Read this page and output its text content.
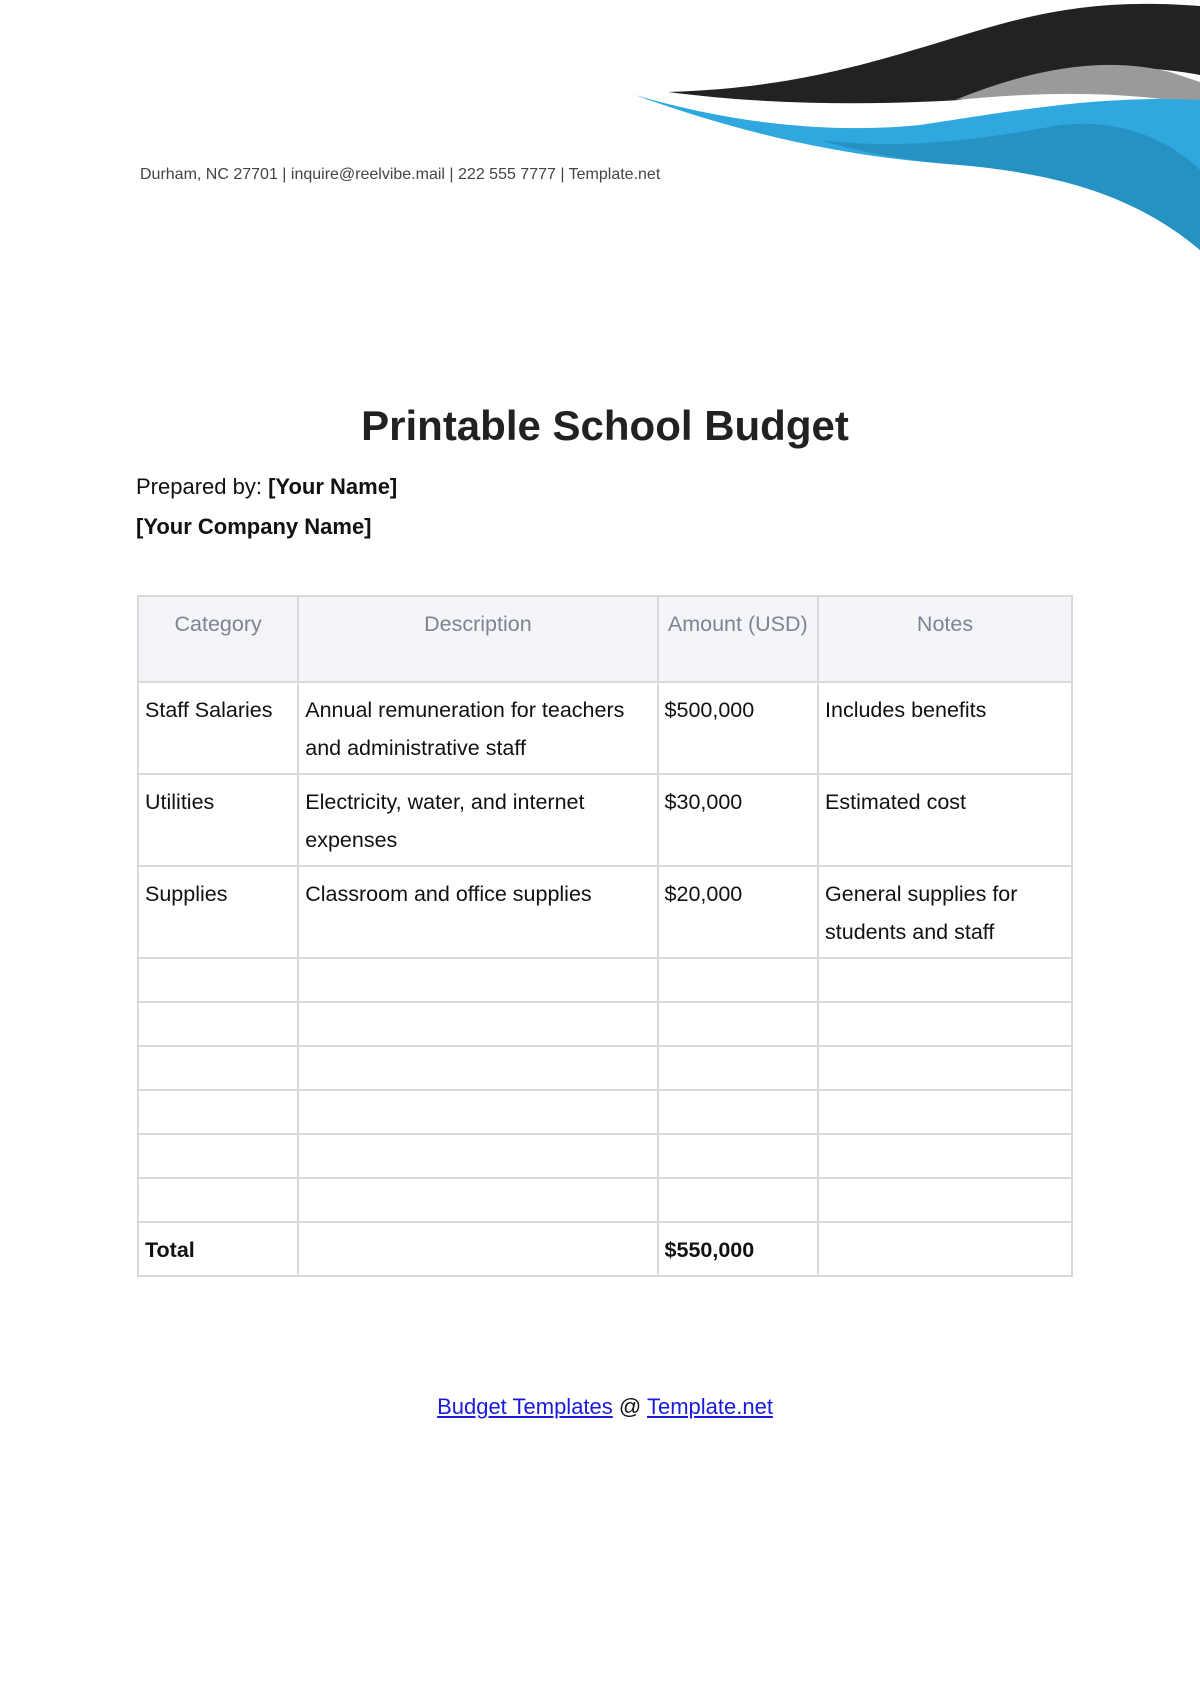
Durham, NC 27701 | inquire@reelvibe.mail | 222 555 7777 | Template.net
Printable School Budget
Prepared by: [Your Name]
[Your Company Name]
Category	Description	Amount (USD)	Notes
Staff Salaries	Annual remuneration for teachers and administrative staff	$500,000	Includes benefits
Utilities	Electricity, water, and internet expenses	$30,000	Estimated cost
Supplies	Classroom and office supplies	$20,000	General supplies for students and staff

Total		$550,000	
Budget Templates @ Template.net
